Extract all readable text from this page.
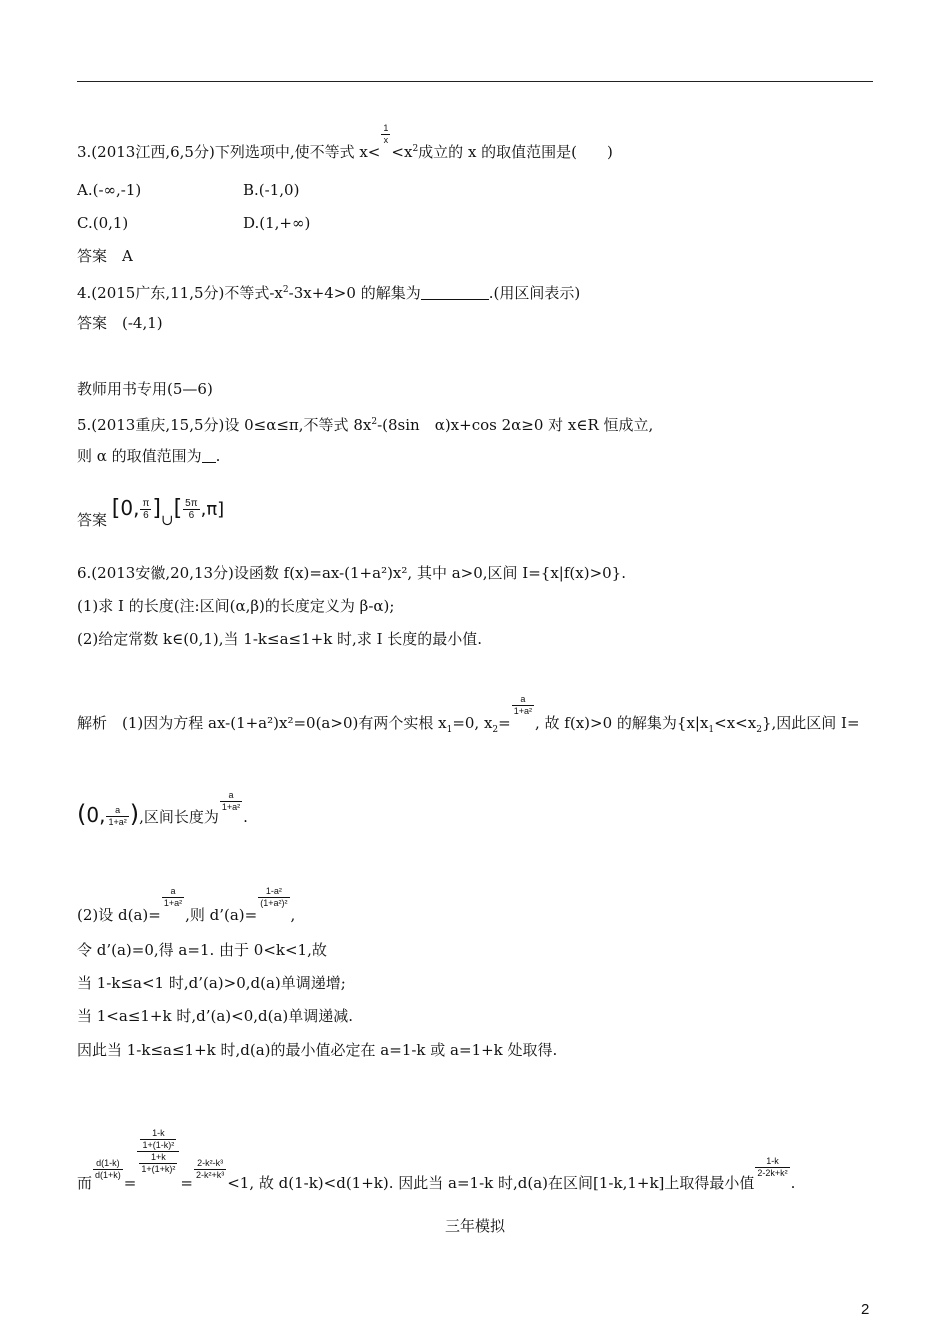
3.(2013江西,6,5分)下列选项中,使不等式 x<
$\frac{1}{x}$
$<x^2$成立的 x 的取值范围是(　　)
A.(-∞,-1)	B.(-1,0)
C.(0,1)	D.(1,+∞)
答案　A
4.(2015广东,11,5分)不等式$-x^2-3x+4>0$ 的解集为	.(用区间表示)
答案　(-4,1)
教师用书专用(5—6)
5.(2013重庆,15,5分)设 0≤α≤π,不等式 $8x^2-(8\sin$　α)x+cos 2α≥0 对 x∈R 恒成立,
则 α 的取值范围为 .
答案 [0, $\frac{\pi}{6}$ ]∪[ $\frac{5\pi}{6} ,\pi$]
6.(2013安徽,20,13分)设函数 f(x)=ax-(1+a²)x², 其中 a>0,区间 I={x|f(x)>0}.
(1)求 I 的长度(注:区间(α,β)的长度定义为 β-α);
(2)给定常数 k∈(0,1),当 1-k≤a≤1+k 时,求 I 长度的最小值.
解析　(1)因为方程 ax-(1+a²)x²=0(a>0)有两个实根 $x_1=0$, $x_2=$
$\frac{a}{\text{1+a²}}$
, 故 f(x)>0 的解集为$\{x|x_1<x<x_2\}$,因此区间 I=
(0, $\frac{a}{\text{1+a²}}$ ),区间长度为
$\frac{a}{\text{1+a²}}$
.
(2)设 d(a)=
$\frac{a}{\text{1+a²}}$
,则 d’(a)=
$\frac{\text{1-a²}}{\text{(1+a²)²}}$
,
令 d’(a)=0,得 a=1. 由于 0<k<1,故
当 1-k≤a<1 时,d’(a)>0,d(a)单调递增;
当 1<a≤1+k 时,d’(a)<0,d(a)单调递减.
因此当 1-k≤a≤1+k 时,d(a)的最小值必定在 a=1-k 或 a=1+k 处取得.
而
$\frac{d(1-k)}{d(1+k)}$
=
$\frac{\frac{1-k}{\text{1+(1-k)²}}}{\frac{1+k}{\text{1+(1+k)²}}}$
=
$\frac{\text{2-k²-k³}}{\text{2-k²+k³}}$
<1, 故 d(1-k)<d(1+k). 因此当 a=1-k 时,d(a)在区间[1-k,1+k]上取得最小值
$\frac{1-k}{\text{2-2k+k²}}$
.
三年模拟
2
